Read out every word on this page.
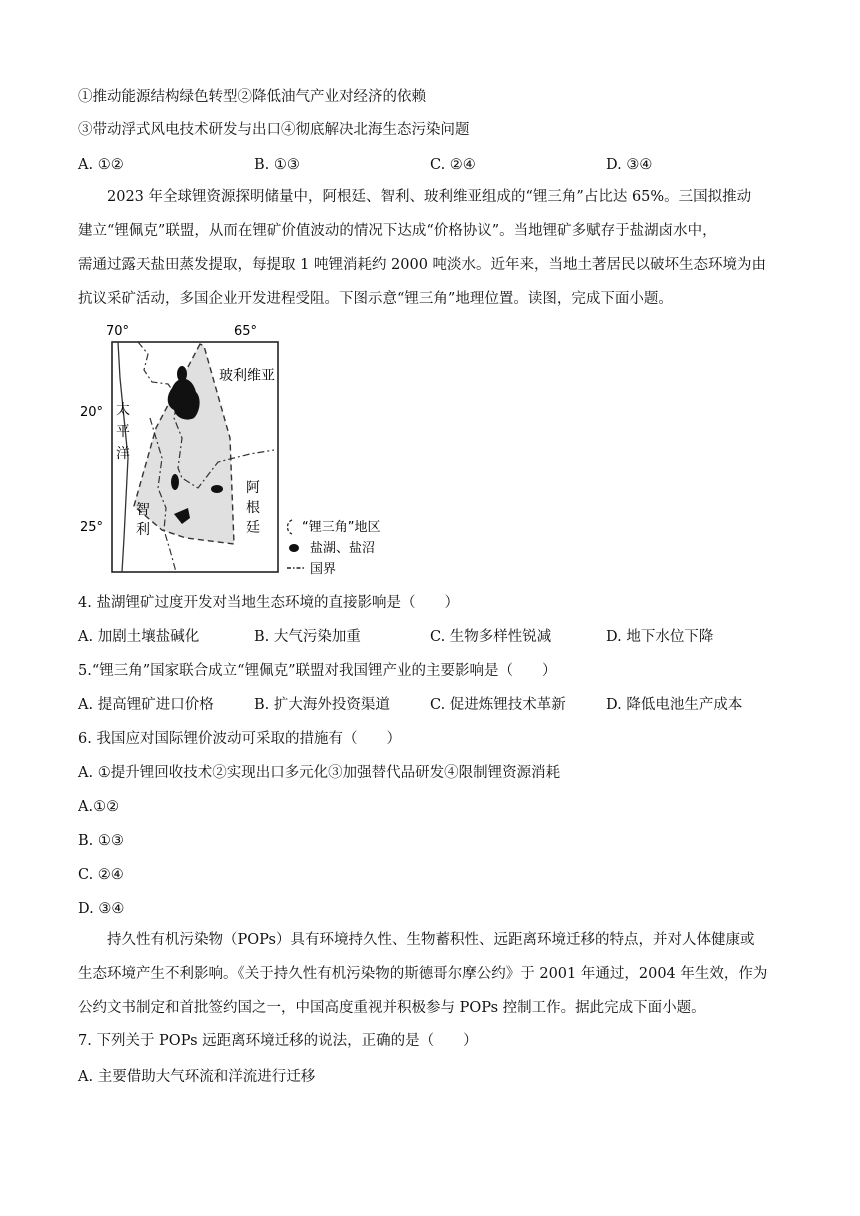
①推动能源结构绿色转型②降低油气产业对经济的依赖
③带动浮式风电技术研发与出口④彻底解决北海生态污染问题
A. ①②	B. ①③	C. ②④	D. ③④

2023 年全球锂资源探明储量中，阿根廷、智利、玻利维亚组成的“锂三角”占比达 65%。三国拟推动

建立“锂佩克”联盟，从而在锂矿价值波动的情况下达成“价格协议”。当地锂矿多赋存于盐湖卤水中，
需通过露天盐田蒸发提取，每提取 1 吨锂消耗约 2000 吨淡水。近年来，当地土著居民以破坏生态环境为由
抗议采矿活动，多国企业开发进程受阻。下图示意“锂三角”地理位置。读图，完成下面小题。
70°	65°
20°
25°
太
平
洋
玻利维亚
智
利
阿
根
廷	“锂三角”地区
盐湖、盐沼
国界
4. 盐湖锂矿过度开发对当地生态环境的直接影响是（　　）
A. 加剧土壤盐碱化	B. 大气污染加重	C. 生物多样性锐减	D. 地下水位下降
5.“锂三角”国家联合成立“锂佩克”联盟对我国锂产业的主要影响是（　　）
A. 提高锂矿进口价格	B. 扩大海外投资渠道	C. 促进炼锂技术革新	D. 降低电池生产成本
6. 我国应对国际锂价波动可采取的措施有（　　）
A. ①提升锂回收技术②实现出口多元化③加强替代品研发④限制锂资源消耗
A.①②
B. ①③
C. ②④
D. ③④

持久性有机污染物（POPs）具有环境持久性、生物蓄积性、远距离环境迁移的特点，并对人体健康或

生态环境产生不利影响。《关于持久性有机污染物的斯德哥尔摩公约》于 2001 年通过，2004 年生效，作为
公约文书制定和首批签约国之一，中国高度重视并积极参与 POPs 控制工作。据此完成下面小题。
7. 下列关于 POPs 远距离环境迁移的说法，正确的是（　　）
A. 主要借助大气环流和洋流进行迁移
